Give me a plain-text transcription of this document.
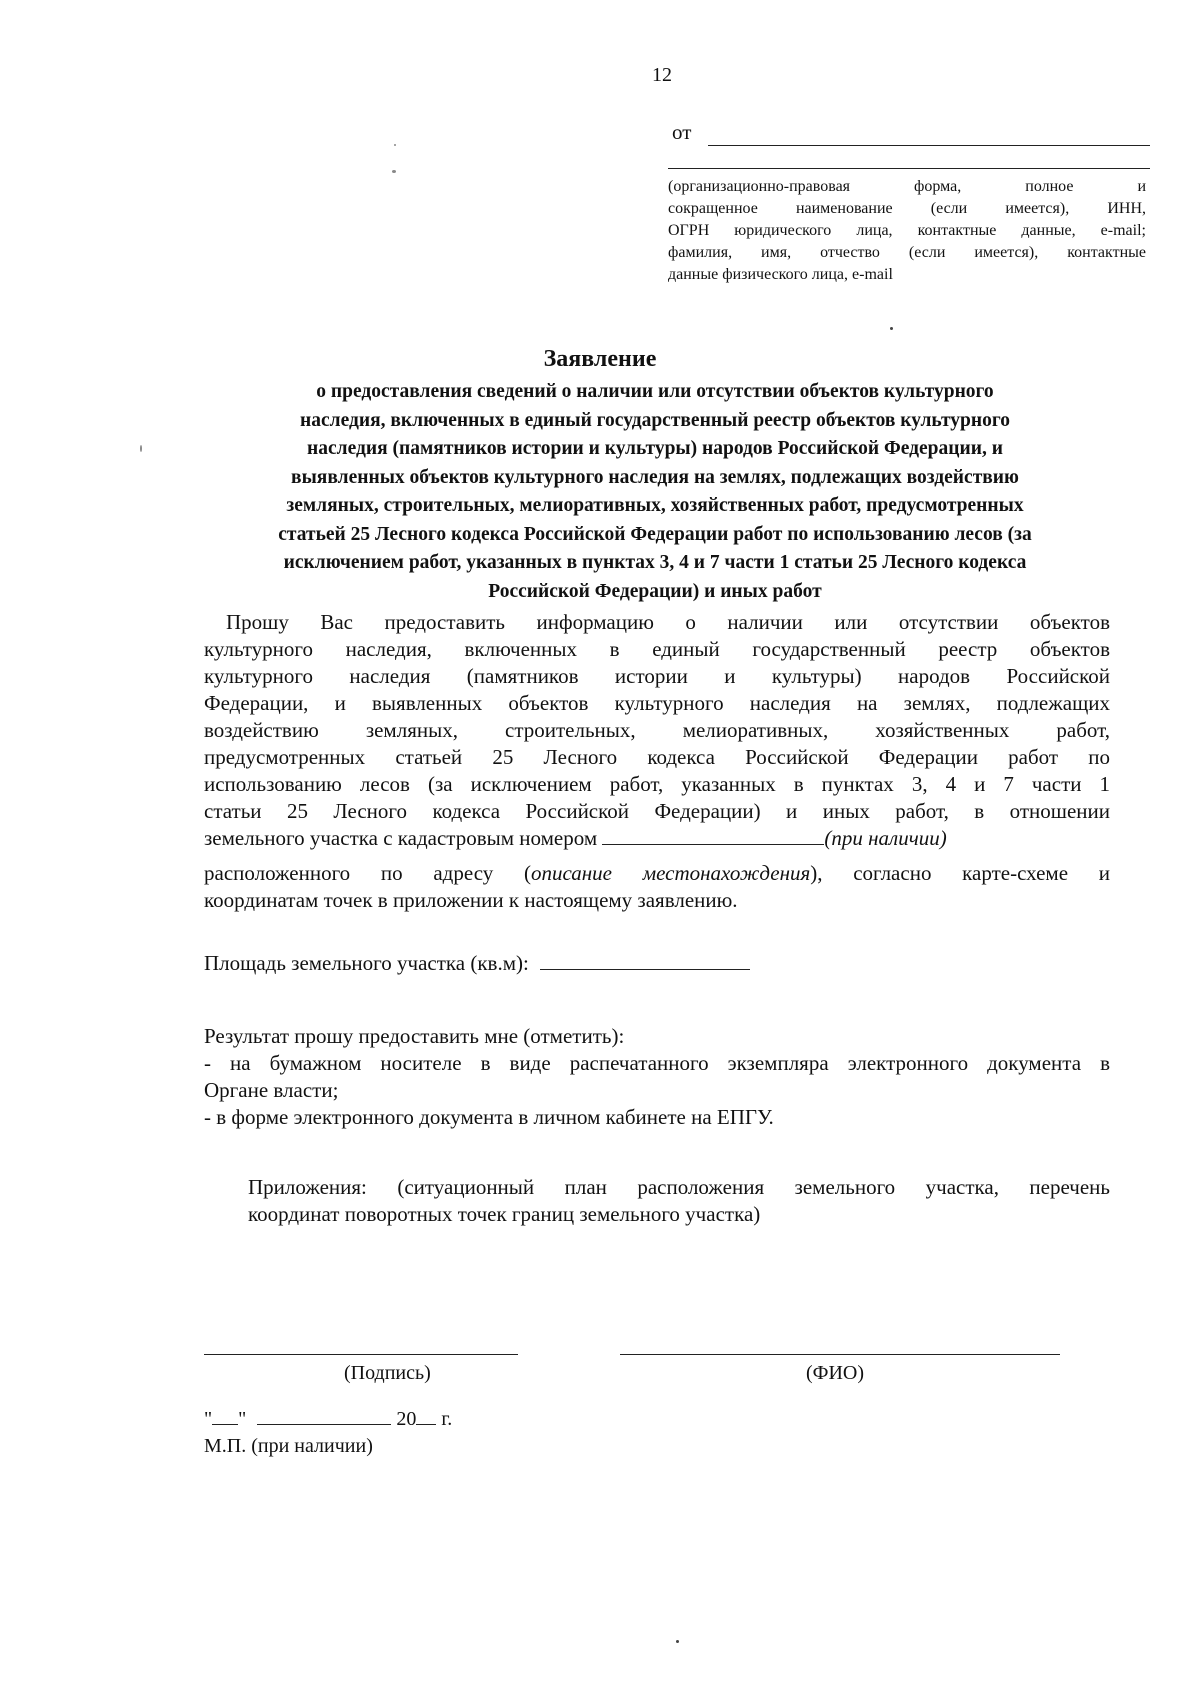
12
от
(организационно-правовая форма, полное и
сокращенное наименование (если имеется), ИНН,
ОГРН юридического лица, контактные данные, e-mail;
фамилия, имя, отчество (если имеется), контактные
данные физического лица, e-mail
Заявление
о предоставления сведений о наличии или отсутствии объектов культурного
наследия, включенных в единый государственный реестр объектов культурного
наследия (памятников истории и культуры) народов Российской Федерации, и
выявленных объектов культурного наследия на землях, подлежащих воздействию
земляных, строительных, мелиоративных, хозяйственных работ, предусмотренных
статьей 25 Лесного кодекса Российской Федерации работ по использованию лесов (за
исключением работ, указанных в пунктах 3, 4 и 7 части 1 статьи 25 Лесного кодекса
Российской Федерации) и иных работ
Прошу Вас предоставить информацию о наличии или отсутствии объектов
культурного наследия, включенных в единый государственный реестр объектов
культурного наследия (памятников истории и культуры) народов Российской
Федерации, и выявленных объектов культурного наследия на землях, подлежащих
воздействию земляных, строительных, мелиоративных, хозяйственных работ,
предусмотренных статьей 25 Лесного кодекса Российской Федерации работ по
использованию лесов (за исключением работ, указанных в пунктах 3, 4 и 7 части 1
статьи 25 Лесного кодекса Российской Федерации) и иных работ, в отношении
земельного участка с кадастровым номером	(при наличии)
расположенного по адресу (описание местонахождения), согласно карте-схеме и
координатам точек в приложении к настоящему заявлению.
Площадь земельного участка (кв.м):
Результат прошу предоставить мне (отметить):
- на бумажном носителе в виде распечатанного экземпляра электронного документа в
Органе власти;
- в форме электронного документа в личном кабинете на ЕПГУ.
Приложения: (ситуационный план расположения земельного участка, перечень
координат поворотных точек границ земельного участка)
(Подпись)	(ФИО)
" "	20 г.
М.П. (при наличии)
